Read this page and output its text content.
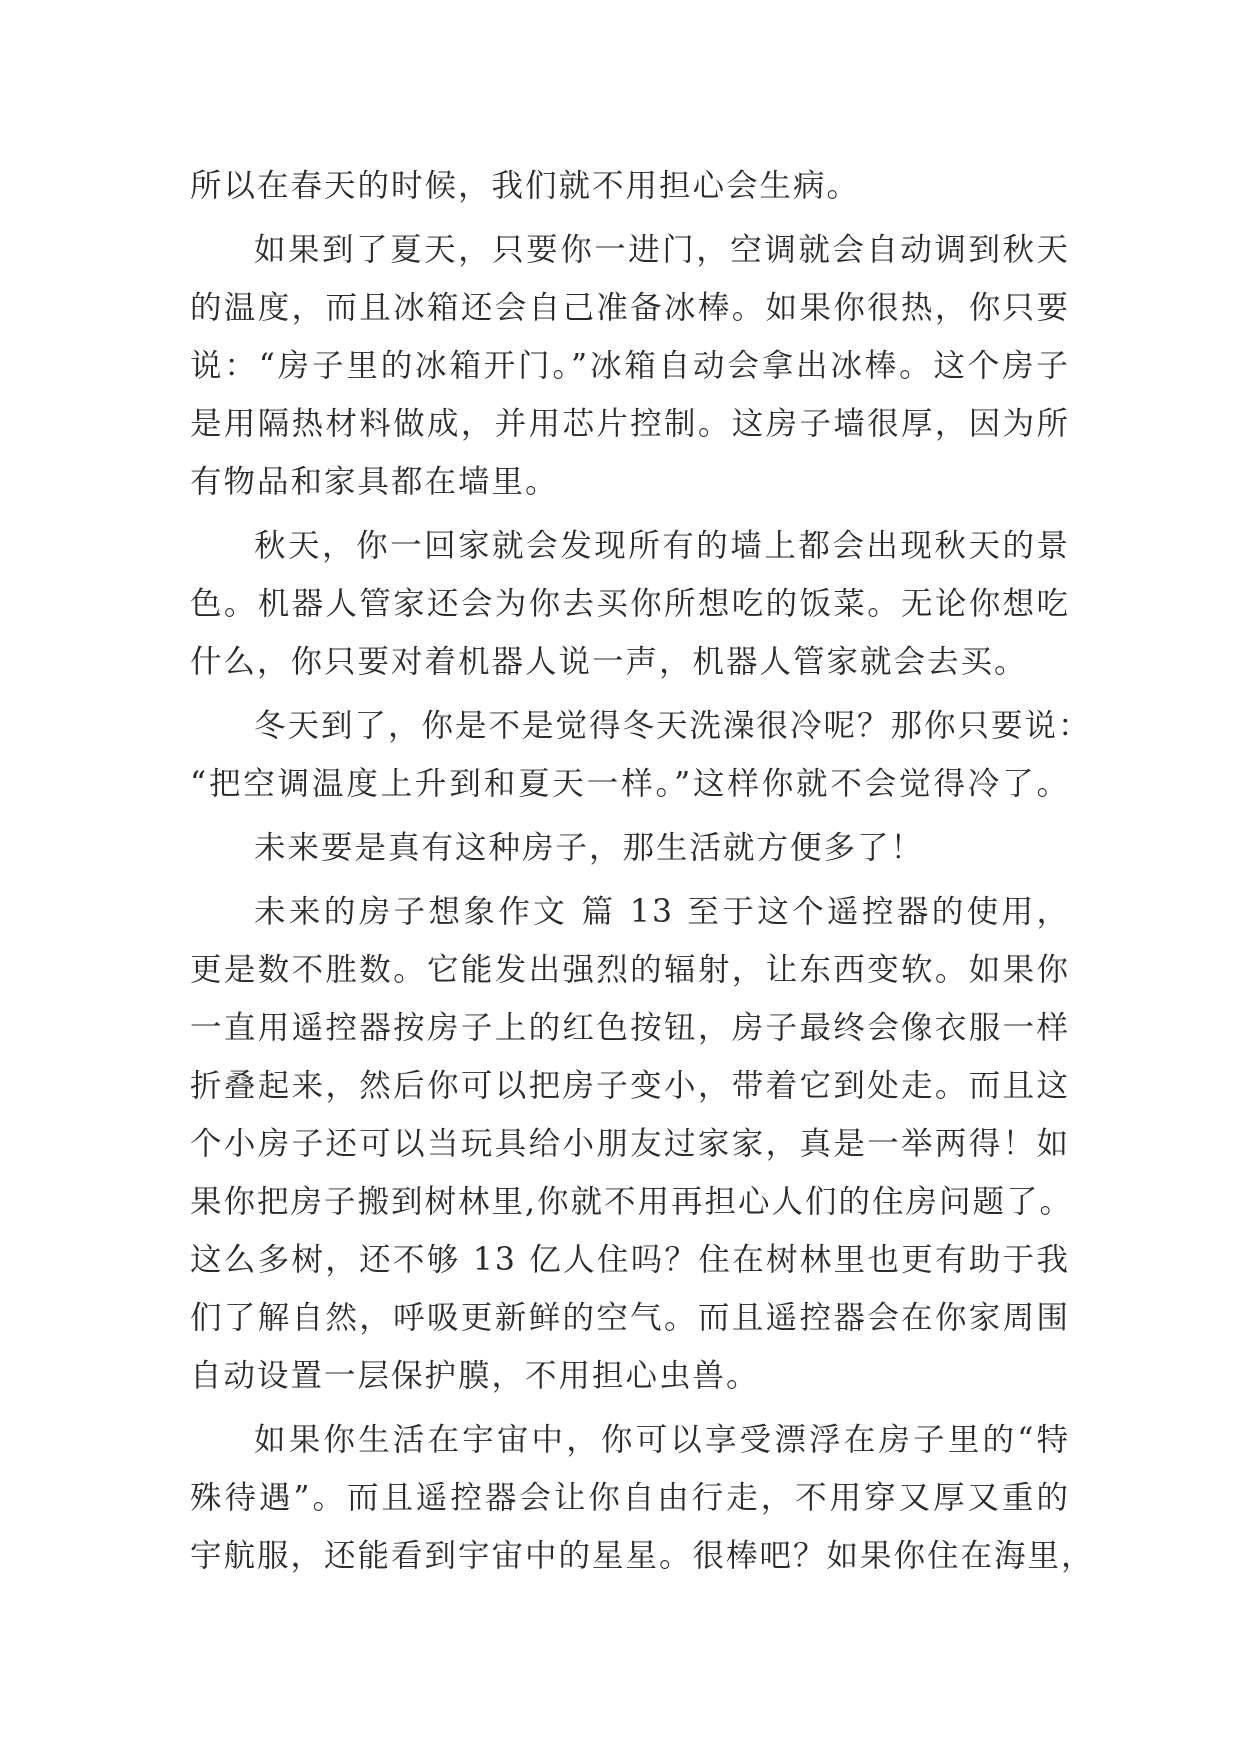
所以在春天的时候，我们就不用担心会生病。
如果到了夏天，只要你一进门，空调就会自动调到秋天
的温度，而且冰箱还会自己准备冰棒。如果你很热，你只要
说：“房子里的冰箱开门。”冰箱自动会拿出冰棒。这个房子
是用隔热材料做成，并用芯片控制。这房子墙很厚，因为所
有物品和家具都在墙里。
秋天，你一回家就会发现所有的墙上都会出现秋天的景
色。机器人管家还会为你去买你所想吃的饭菜。无论你想吃
什么，你只要对着机器人说一声，机器人管家就会去买。
冬天到了，你是不是觉得冬天洗澡很冷呢？那你只要说：
“把空调温度上升到和夏天一样。”这样你就不会觉得冷了。
未来要是真有这种房子，那生活就方便多了！
未来的房子想象作文 篇 13 至于这个遥控器的使用，
更是数不胜数。它能发出强烈的辐射，让东西变软。如果你
一直用遥控器按房子上的红色按钮，房子最终会像衣服一样
折叠起来，然后你可以把房子变小，带着它到处走。而且这
个小房子还可以当玩具给小朋友过家家，真是一举两得！如
果你把房子搬到树林里,你就不用再担心人们的住房问题了。
这么多树，还不够 13 亿人住吗？住在树林里也更有助于我
们了解自然，呼吸更新鲜的空气。而且遥控器会在你家周围
自动设置一层保护膜，不用担心虫兽。
如果你生活在宇宙中，你可以享受漂浮在房子里的“特
殊待遇”。而且遥控器会让你自由行走，不用穿又厚又重的
宇航服，还能看到宇宙中的星星。很棒吧？如果你住在海里，
